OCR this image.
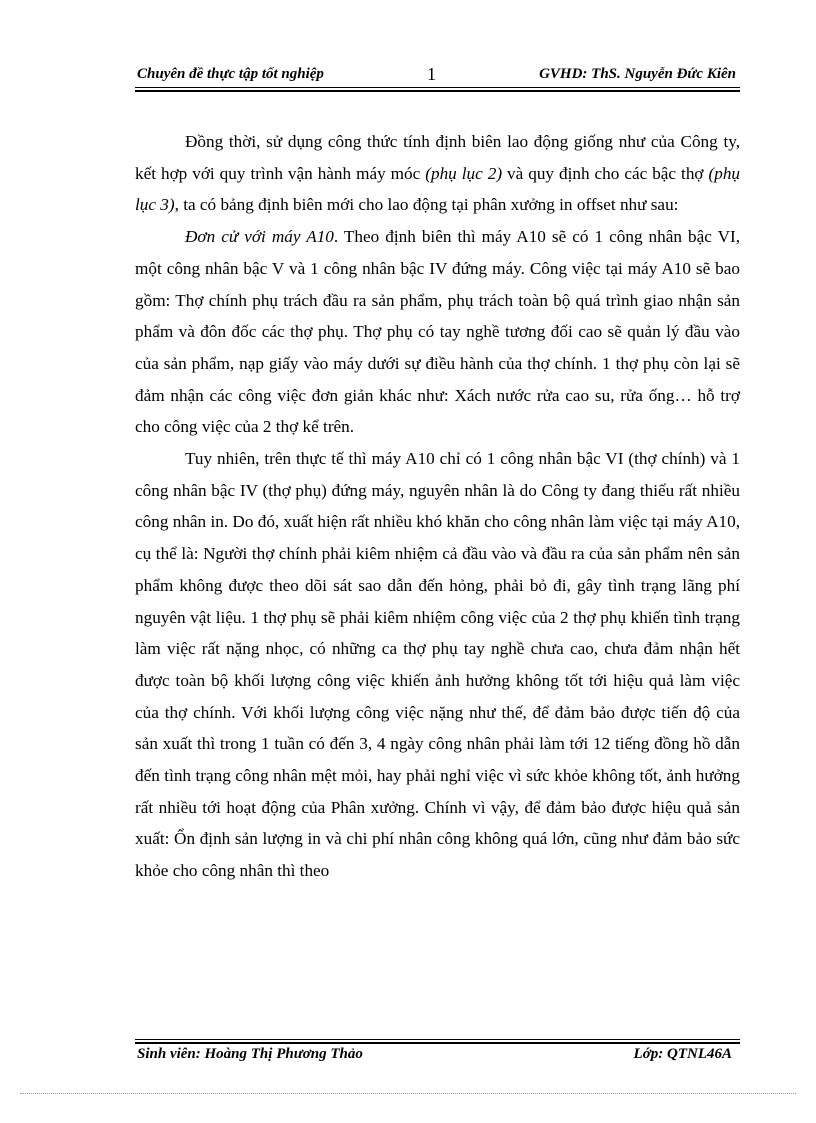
Chuyên đề thực tập tốt nghiệp	1	GVHD: ThS. Nguyễn Đức Kiên

Đồng thời, sử dụng công thức tính định biên lao động giống như của Công ty, kết hợp với quy trình vận hành máy móc (phụ lục 2) và quy định cho các bậc thợ (phụ lục 3), ta có bảng định biên mới cho lao động tại phân xưởng in offset như sau:

Đơn cử với máy A10. Theo định biên thì máy A10 sẽ có 1 công nhân bậc VI, một công nhân bậc V và 1 công nhân bậc IV đứng máy. Công việc tại máy A10 sẽ bao gồm: Thợ chính phụ trách đầu ra sản phẩm, phụ trách toàn bộ quá trình giao nhận sản phẩm và đôn đốc các thợ phụ. Thợ phụ có tay nghề tương đối cao sẽ quản lý đầu vào của sản phẩm, nạp giấy vào máy dưới sự điều hành của thợ chính. 1 thợ phụ còn lại sẽ đảm nhận các công việc đơn giản khác như: Xách nước rửa cao su, rửa ống… hỗ trợ cho công việc của 2 thợ kể trên.

Tuy nhiên, trên thực tế thì máy A10 chỉ có 1 công nhân bậc VI (thợ chính) và 1 công nhân bậc IV (thợ phụ) đứng máy, nguyên nhân là do Công ty đang thiếu rất nhiều công nhân in. Do đó, xuất hiện rất nhiều khó khăn cho công nhân làm việc tại máy A10, cụ thể là: Người thợ chính phải kiêm nhiệm cả đầu vào và đầu ra của sản phẩm nên sản phẩm không được theo dõi sát sao dẫn đến hỏng, phải bỏ đi, gây tình trạng lãng phí nguyên vật liệu. 1 thợ phụ sẽ phải kiêm nhiệm công việc của 2 thợ phụ khiến tình trạng làm việc rất nặng nhọc, có những ca thợ phụ tay nghề chưa cao, chưa đảm nhận hết được toàn bộ khối lượng công việc khiến ảnh hưởng không tốt tới hiệu quả làm việc của thợ chính. Với khối lượng công việc nặng như thế, để đảm bảo được tiến độ của sản xuất thì trong 1 tuần có đến 3, 4 ngày công nhân phải làm tới 12 tiếng đồng hồ dẫn đến tình trạng công nhân mệt mỏi, hay phải nghỉ việc vì sức khỏe không tốt, ảnh hưởng rất nhiều tới hoạt động của Phân xưởng. Chính vì vậy, để đảm bảo được hiệu quả sản xuất: Ổn định sản lượng in và chi phí nhân công không quá lớn, cũng như đảm bảo sức khỏe cho công nhân thì theo

Sinh viên: Hoàng Thị Phương Thảo	Lớp: QTNL46A
